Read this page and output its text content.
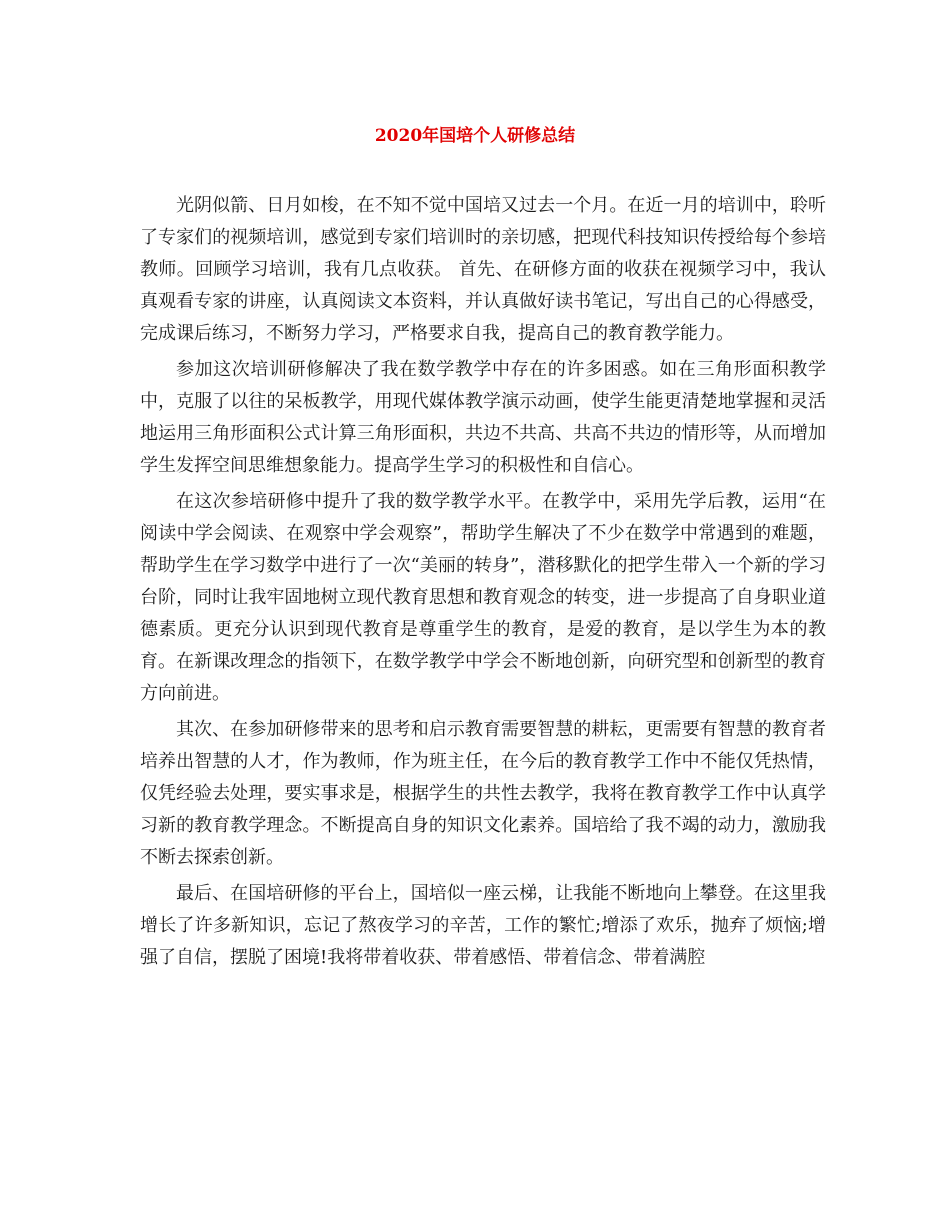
2020年国培个人研修总结

光阴似箭、日月如梭，在不知不觉中国培又过去一个月。在近一月的培训中，聆听了专家们的视频培训，感觉到专家们培训时的亲切感，把现代科技知识传授给每个参培教师。回顾学习培训，我有几点收获。 首先、在研修方面的收获在视频学习中，我认真观看专家的讲座，认真阅读文本资料，并认真做好读书笔记，写出自己的心得感受，完成课后练习，不断努力学习，严格要求自我，提高自己的教育教学能力。

参加这次培训研修解决了我在数学教学中存在的许多困惑。如在三角形面积教学中，克服了以往的呆板教学，用现代媒体教学演示动画，使学生能更清楚地掌握和灵活地运用三角形面积公式计算三角形面积，共边不共高、共高不共边的情形等，从而增加学生发挥空间思维想象能力。提高学生学习的积极性和自信心。

在这次参培研修中提升了我的数学教学水平。在教学中，采用先学后教，运用“在阅读中学会阅读、在观察中学会观察”，帮助学生解决了不少在数学中常遇到的难题，帮助学生在学习数学中进行了一次“美丽的转身”，潜移默化的把学生带入一个新的学习台阶，同时让我牢固地树立现代教育思想和教育观念的转变，进一步提高了自身职业道德素质。更充分认识到现代教育是尊重学生的教育，是爱的教育，是以学生为本的教育。在新课改理念的指领下，在数学教学中学会不断地创新，向研究型和创新型的教育方向前进。

其次、在参加研修带来的思考和启示教育需要智慧的耕耘，更需要有智慧的教育者培养出智慧的人才，作为教师，作为班主任，在今后的教育教学工作中不能仅凭热情，仅凭经验去处理，要实事求是，根据学生的共性去教学，我将在教育教学工作中认真学习新的教育教学理念。不断提高自身的知识文化素养。国培给了我不竭的动力，激励我不断去探索创新。

最后、在国培研修的平台上，国培似一座云梯，让我能不断地向上攀登。在这里我增长了许多新知识，忘记了熬夜学习的辛苦，工作的繁忙;增添了欢乐，抛弃了烦恼;增强了自信，摆脱了困境!我将带着收获、带着感悟、带着信念、带着满腔
